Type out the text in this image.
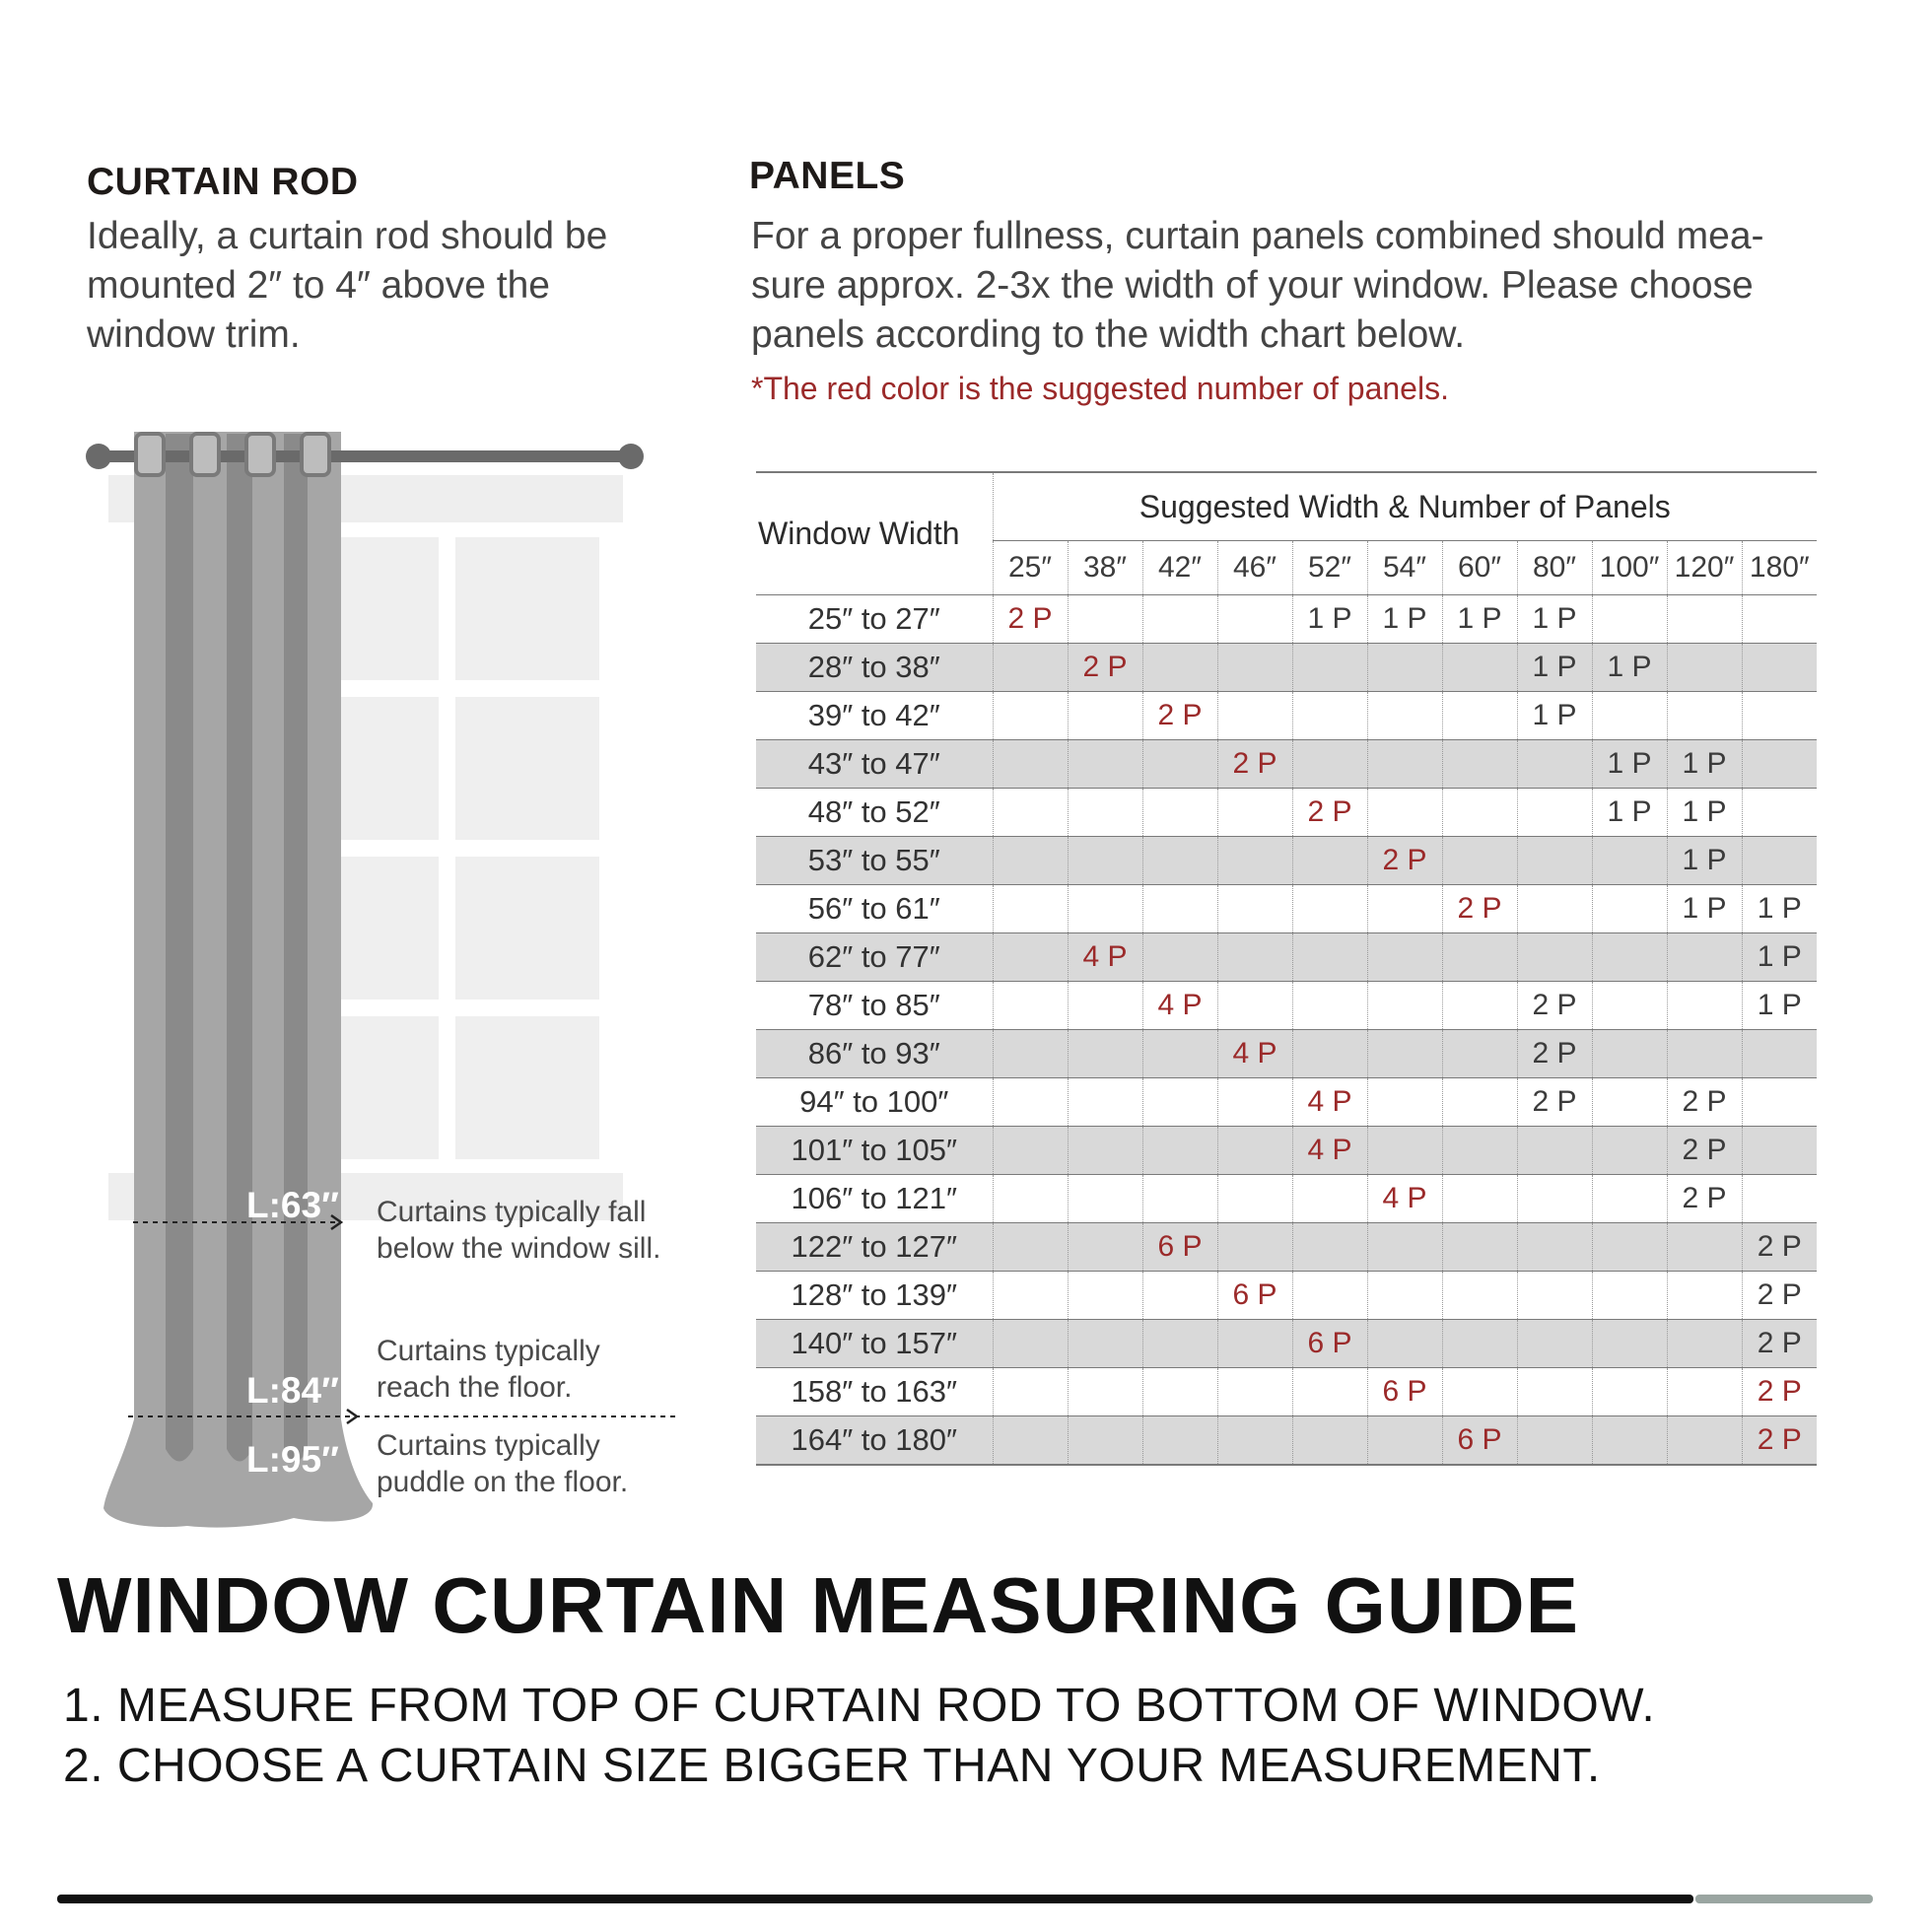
CURTAIN ROD
Ideally, a curtain rod should be
mounted 2″ to 4″ above the
window trim.
PANELS
For a proper fullness, curtain panels combined should mea-
sure approx. 2-3x the width of your window. Please choose
panels according to the width chart below.
*The red color is the suggested number of panels.
L:63″
L:84″
L:95″
Curtains typically fall
below the window sill.
Curtains typically
reach the floor.
Curtains typically
puddle on the floor.
Window Width	Suggested Width & Number of Panels										
	25″	38″	42″	46″	52″	54″	60″	80″	100″	120″	180″
25″ to 27″	2 P				1 P	1 P	1 P	1 P			
28″ to 38″		2 P						1 P	1 P		
39″ to 42″			2 P					1 P			
43″ to 47″				2 P					1 P	1 P	
48″ to 52″					2 P				1 P	1 P	
53″ to 55″						2 P				1 P	
56″ to 61″							2 P			1 P	1 P
62″ to 77″		4 P									1 P
78″ to 85″			4 P					2 P			1 P
86″ to 93″				4 P				2 P			
94″ to 100″					4 P			2 P		2 P	
101″ to 105″					4 P					2 P	
106″ to 121″						4 P				2 P	
122″ to 127″			6 P								2 P
128″ to 139″				6 P							2 P
140″ to 157″					6 P						2 P
158″ to 163″						6 P					2 P
164″ to 180″							6 P				2 P
WINDOW CURTAIN MEASURING GUIDE
1. MEASURE FROM TOP OF CURTAIN ROD TO BOTTOM OF WINDOW.
2. CHOOSE A CURTAIN SIZE BIGGER THAN YOUR MEASUREMENT.
